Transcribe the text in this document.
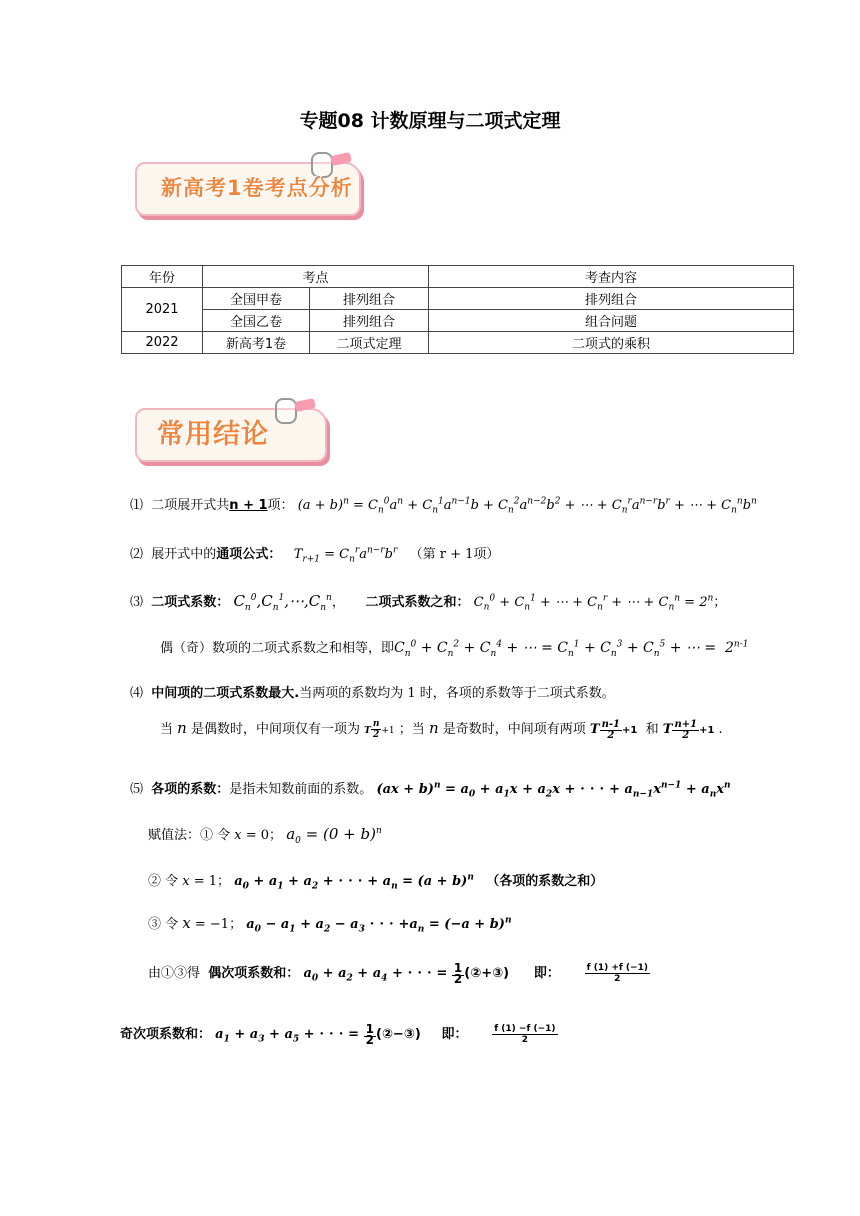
专题08 计数原理与二项式定理
新高考1卷考点分析
年份	考点		考查内容
2021	全国甲卷	排列组合	排列组合
	全国乙卷	排列组合	组合问题
2022	新高考1卷	二项式定理	二项式的乘积
常用结论
⑴ 二项展开式共n + 1项： $(a + b)^n = C_n^0a^n + C_n^1a^{n-1}b + C_n^2a^{n-2}b^2$ + ⋯ + $C_n^ra^{n-r}b^r$ + ⋯ + $C_n^nb^n$
⑵ 展开式中的通项公式： $T_{r+1} = C_n^ra^{n-r}b^r$ （第 r + 1项）
⑶ 二项式系数： $C_n^0,C_n^1,\cdots,C_n^n$，     二项式系数之和： $C_n^0 + C_n^1$ + ⋯ + $C_n^r$ + ⋯ + $C_n^n = 2^n$；
偶（奇）数项的二项式系数之和相等，即$C_n^0 + C_n^2 + C_n^4$ + ⋯ = $C_n^1 + C_n^3 + C_n^5$ + ⋯ =  2$^{n-1}$
⑷ 中间项的二项式系数最大.当两项的系数均为 1 时，各项的系数等于二项式系数。
当 n 是偶数时，中间项仅有一项为 $T\frac{n}{2}+1$ ；当 n 是奇数时，中间项有两项 $T\frac{n-1}{2}+1$ 和 $T\frac{n+1}{2}+1$ .
⑸ 各项的系数：是指未知数前面的系数。 $(ax + b)^n = a_0 + a_1x + a_2x$ + ⋅ ⋅ ⋅ + $a_{n-1}x^{n-1} + a_nx^n$
赋值法：① 令 x = 0； $a_0 = (0 + b)^n$
② 令 x = 1； $a_0 + a_1 + a_2$ + ⋅ ⋅ ⋅ + $a_n = (a + b)^n$ （各项的系数之和）
③ 令 x = −1； $a_0 - a_1 + a_2 - a_3$ ⋅ ⋅ ⋅ $+a_n = (-a + b)^n$
由①③得 偶次项系数和： $a_0 + a_2 + a_4$ + ⋅ ⋅ ⋅ = 1
2 (②+③) 即：	$\frac{f (1) +f (-1)}{2}$
奇次项系数和： $a_1 + a_3 + a_5$ + ⋅ ⋅ ⋅ = 1
2 (②−③) 即：	$\frac{f (1) -f (-1)}{2}$
